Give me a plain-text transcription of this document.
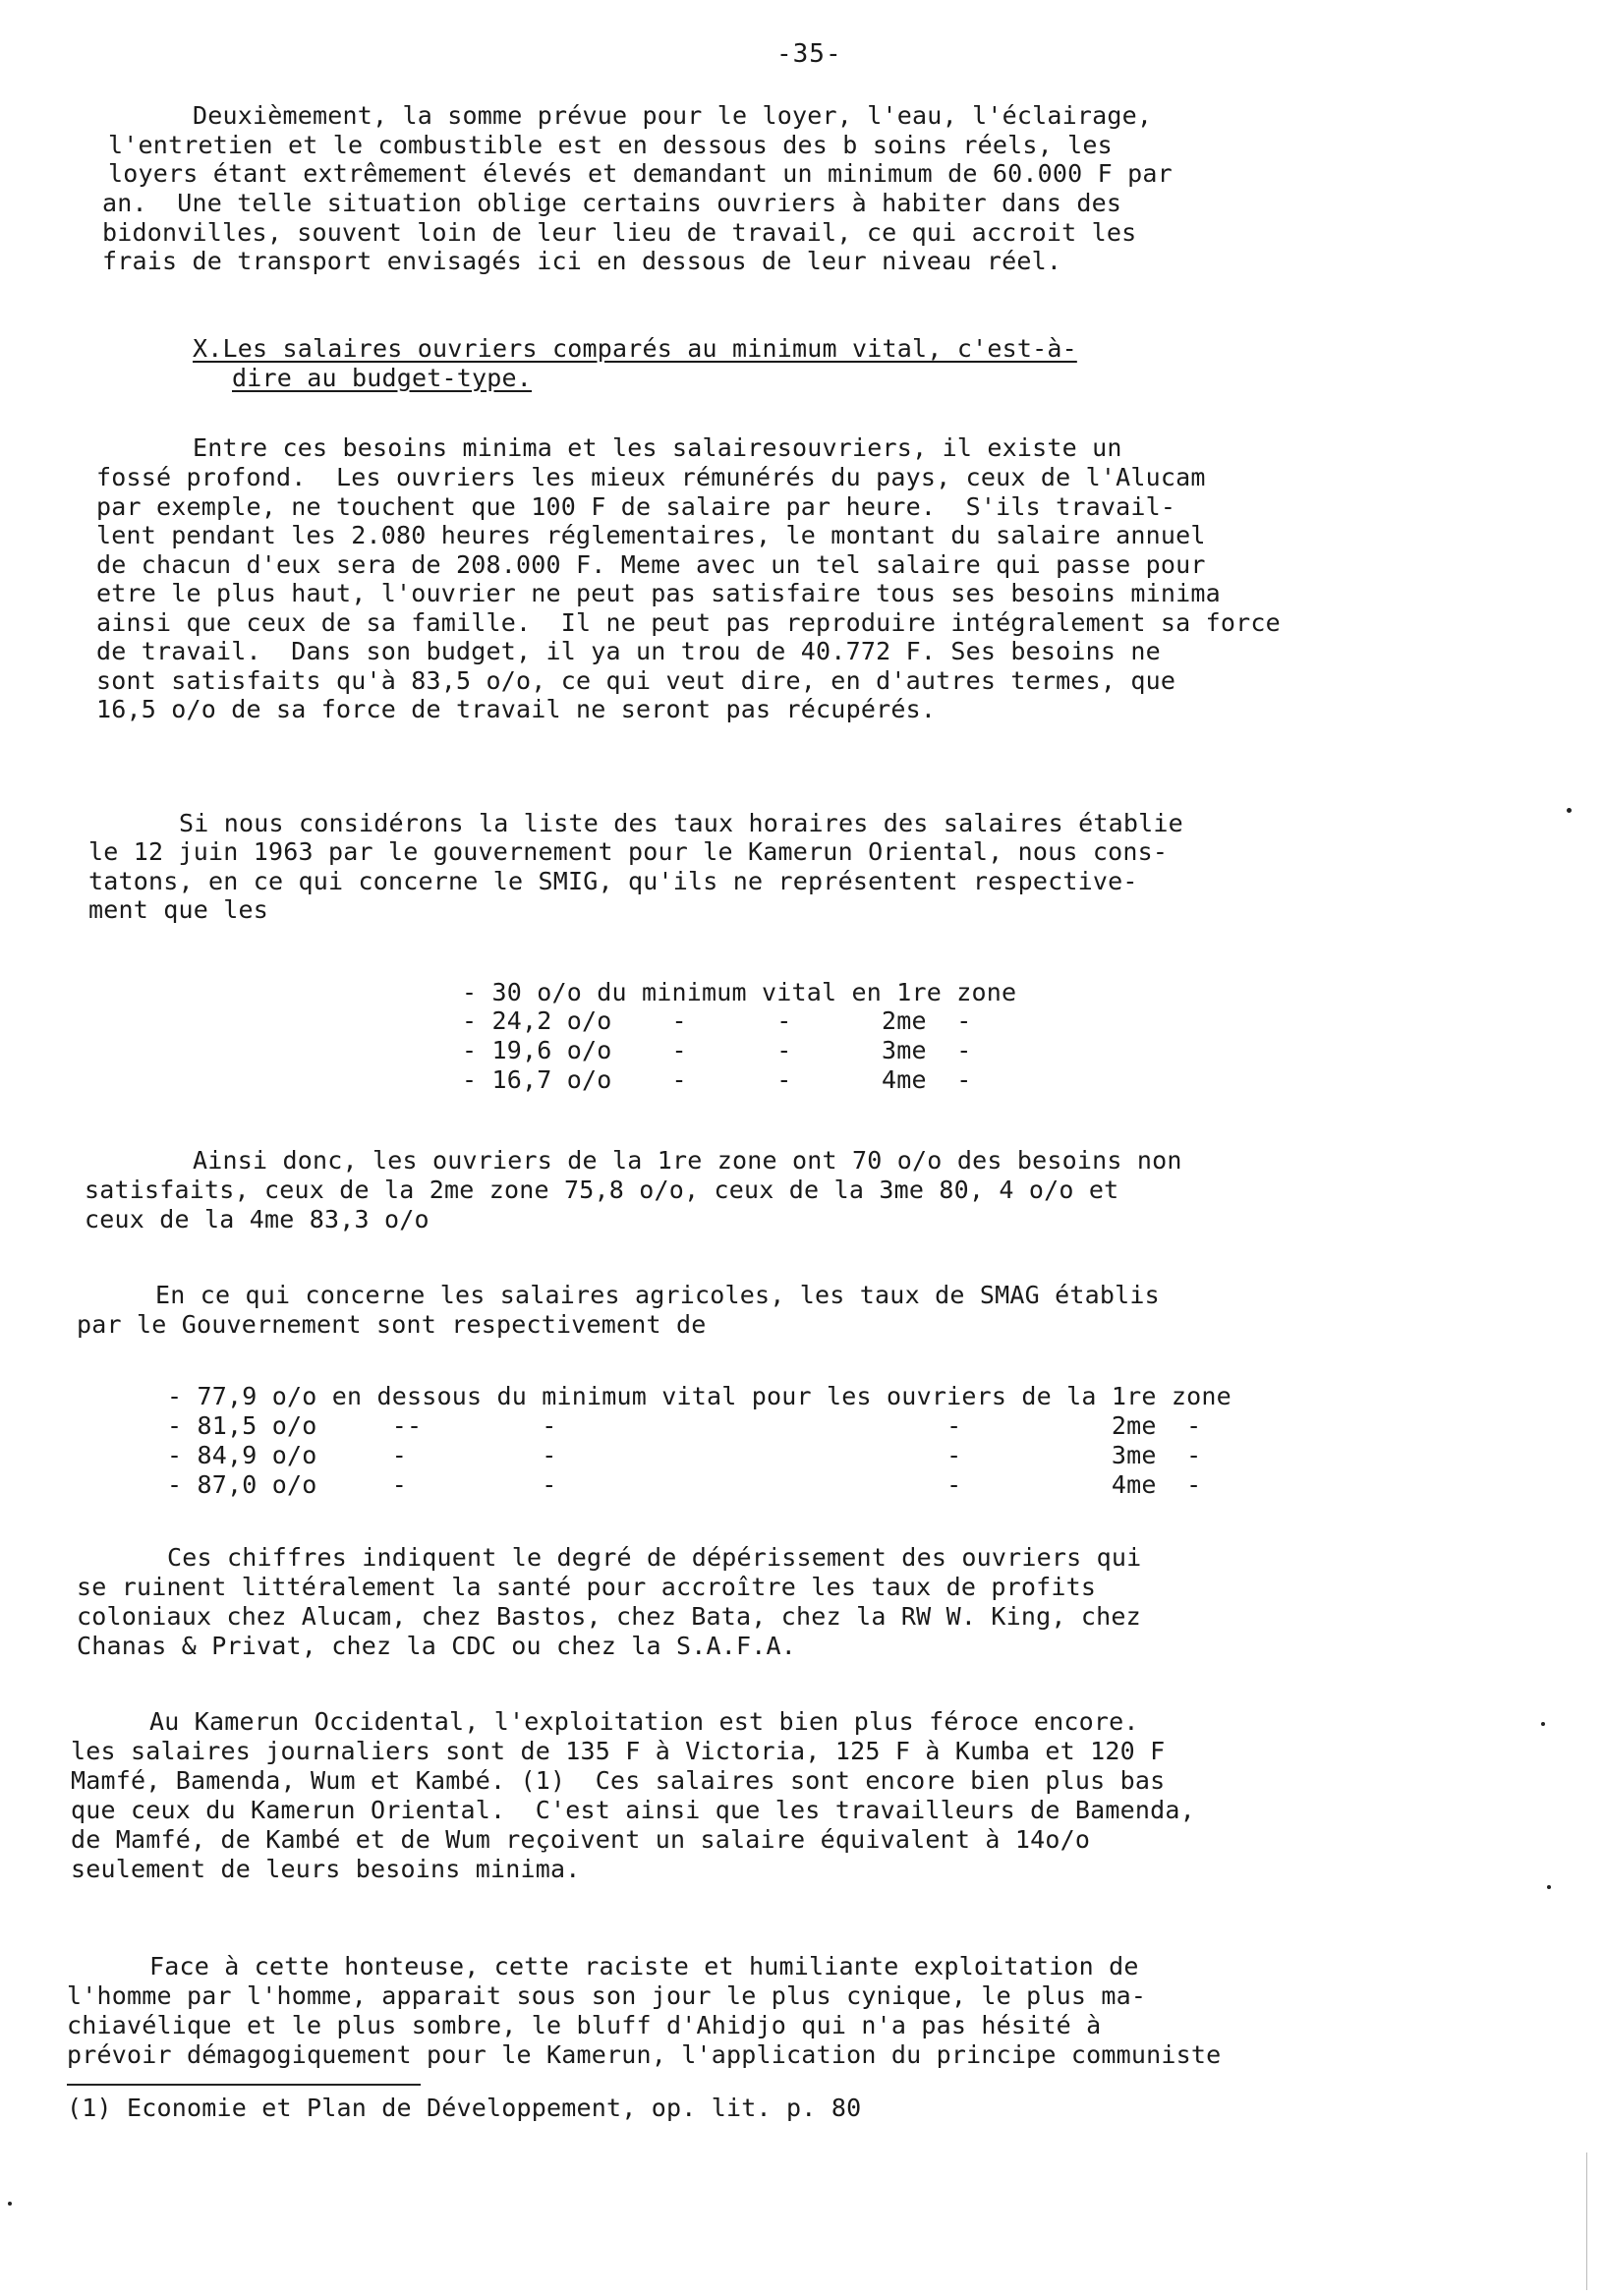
-35-
Deuxièmement, la somme prévue pour le loyer, l'eau, l'éclairage,
l'entretien et le combustible est en dessous des b soins réels, les
loyers étant extrêmement élevés et demandant un minimum de 60.000 F par
an.  Une telle situation oblige certains ouvriers à habiter dans des
bidonvilles, souvent loin de leur lieu de travail, ce qui accroit les
frais de transport envisagés ici en dessous de leur niveau réel.
X.Les salaires ouvriers comparés au minimum vital, c'est-à-
dire au budget-type.
Entre ces besoins minima et les salairesouvriers, il existe un
fossé profond.  Les ouvriers les mieux rémunérés du pays, ceux de l'Alucam
par exemple, ne touchent que 100 F de salaire par heure.  S'ils travail-
lent pendant les 2.080 heures réglementaires, le montant du salaire annuel
de chacun d'eux sera de 208.000 F. Meme avec un tel salaire qui passe pour
etre le plus haut, l'ouvrier ne peut pas satisfaire tous ses besoins minima
ainsi que ceux de sa famille.  Il ne peut pas reproduire intégralement sa force
de travail.  Dans son budget, il ya un trou de 40.772 F. Ses besoins ne
sont satisfaits qu'à 83,5 o/o, ce qui veut dire, en d'autres termes, que
16,5 o/o de sa force de travail ne seront pas récupérés.
Si nous considérons la liste des taux horaires des salaires établie
le 12 juin 1963 par le gouvernement pour le Kamerun Oriental, nous cons-
tatons, en ce qui concerne le SMIG, qu'ils ne représentent respective-
ment que les
- 30 o/o du minimum vital en 1re zone
- 24,2 o/o    -      -      2me  -
- 19,6 o/o    -      -      3me  -
- 16,7 o/o    -      -      4me  -
Ainsi donc, les ouvriers de la 1re zone ont 70 o/o des besoins non
satisfaits, ceux de la 2me zone 75,8 o/o, ceux de la 3me 80, 4 o/o et
ceux de la 4me 83,3 o/o
En ce qui concerne les salaires agricoles, les taux de SMAG établis
par le Gouvernement sont respectivement de
- 77,9 o/o en dessous du minimum vital pour les ouvriers de la 1re zone
- 81,5 o/o     --        -                          -          2me  -
- 84,9 o/o     -         -                          -          3me  -
- 87,0 o/o     -         -                          -          4me  -
Ces chiffres indiquent le degré de dépérissement des ouvriers qui
se ruinent littéralement la santé pour accroître les taux de profits
coloniaux chez Alucam, chez Bastos, chez Bata, chez la RW W. King, chez
Chanas & Privat, chez la CDC ou chez la S.A.F.A.
Au Kamerun Occidental, l'exploitation est bien plus féroce encore.
les salaires journaliers sont de 135 F à Victoria, 125 F à Kumba et 120 F
Mamfé, Bamenda, Wum et Kambé. (1)  Ces salaires sont encore bien plus bas
que ceux du Kamerun Oriental.  C'est ainsi que les travailleurs de Bamenda,
de Mamfé, de Kambé et de Wum reçoivent un salaire équivalent à 14o/o
seulement de leurs besoins minima.
Face à cette honteuse, cette raciste et humiliante exploitation de
l'homme par l'homme, apparait sous son jour le plus cynique, le plus ma-
chiavélique et le plus sombre, le bluff d'Ahidjo qui n'a pas hésité à
prévoir démagogiquement pour le Kamerun, l'application du principe communiste
(1) Economie et Plan de Développement, op. lit. p. 80
